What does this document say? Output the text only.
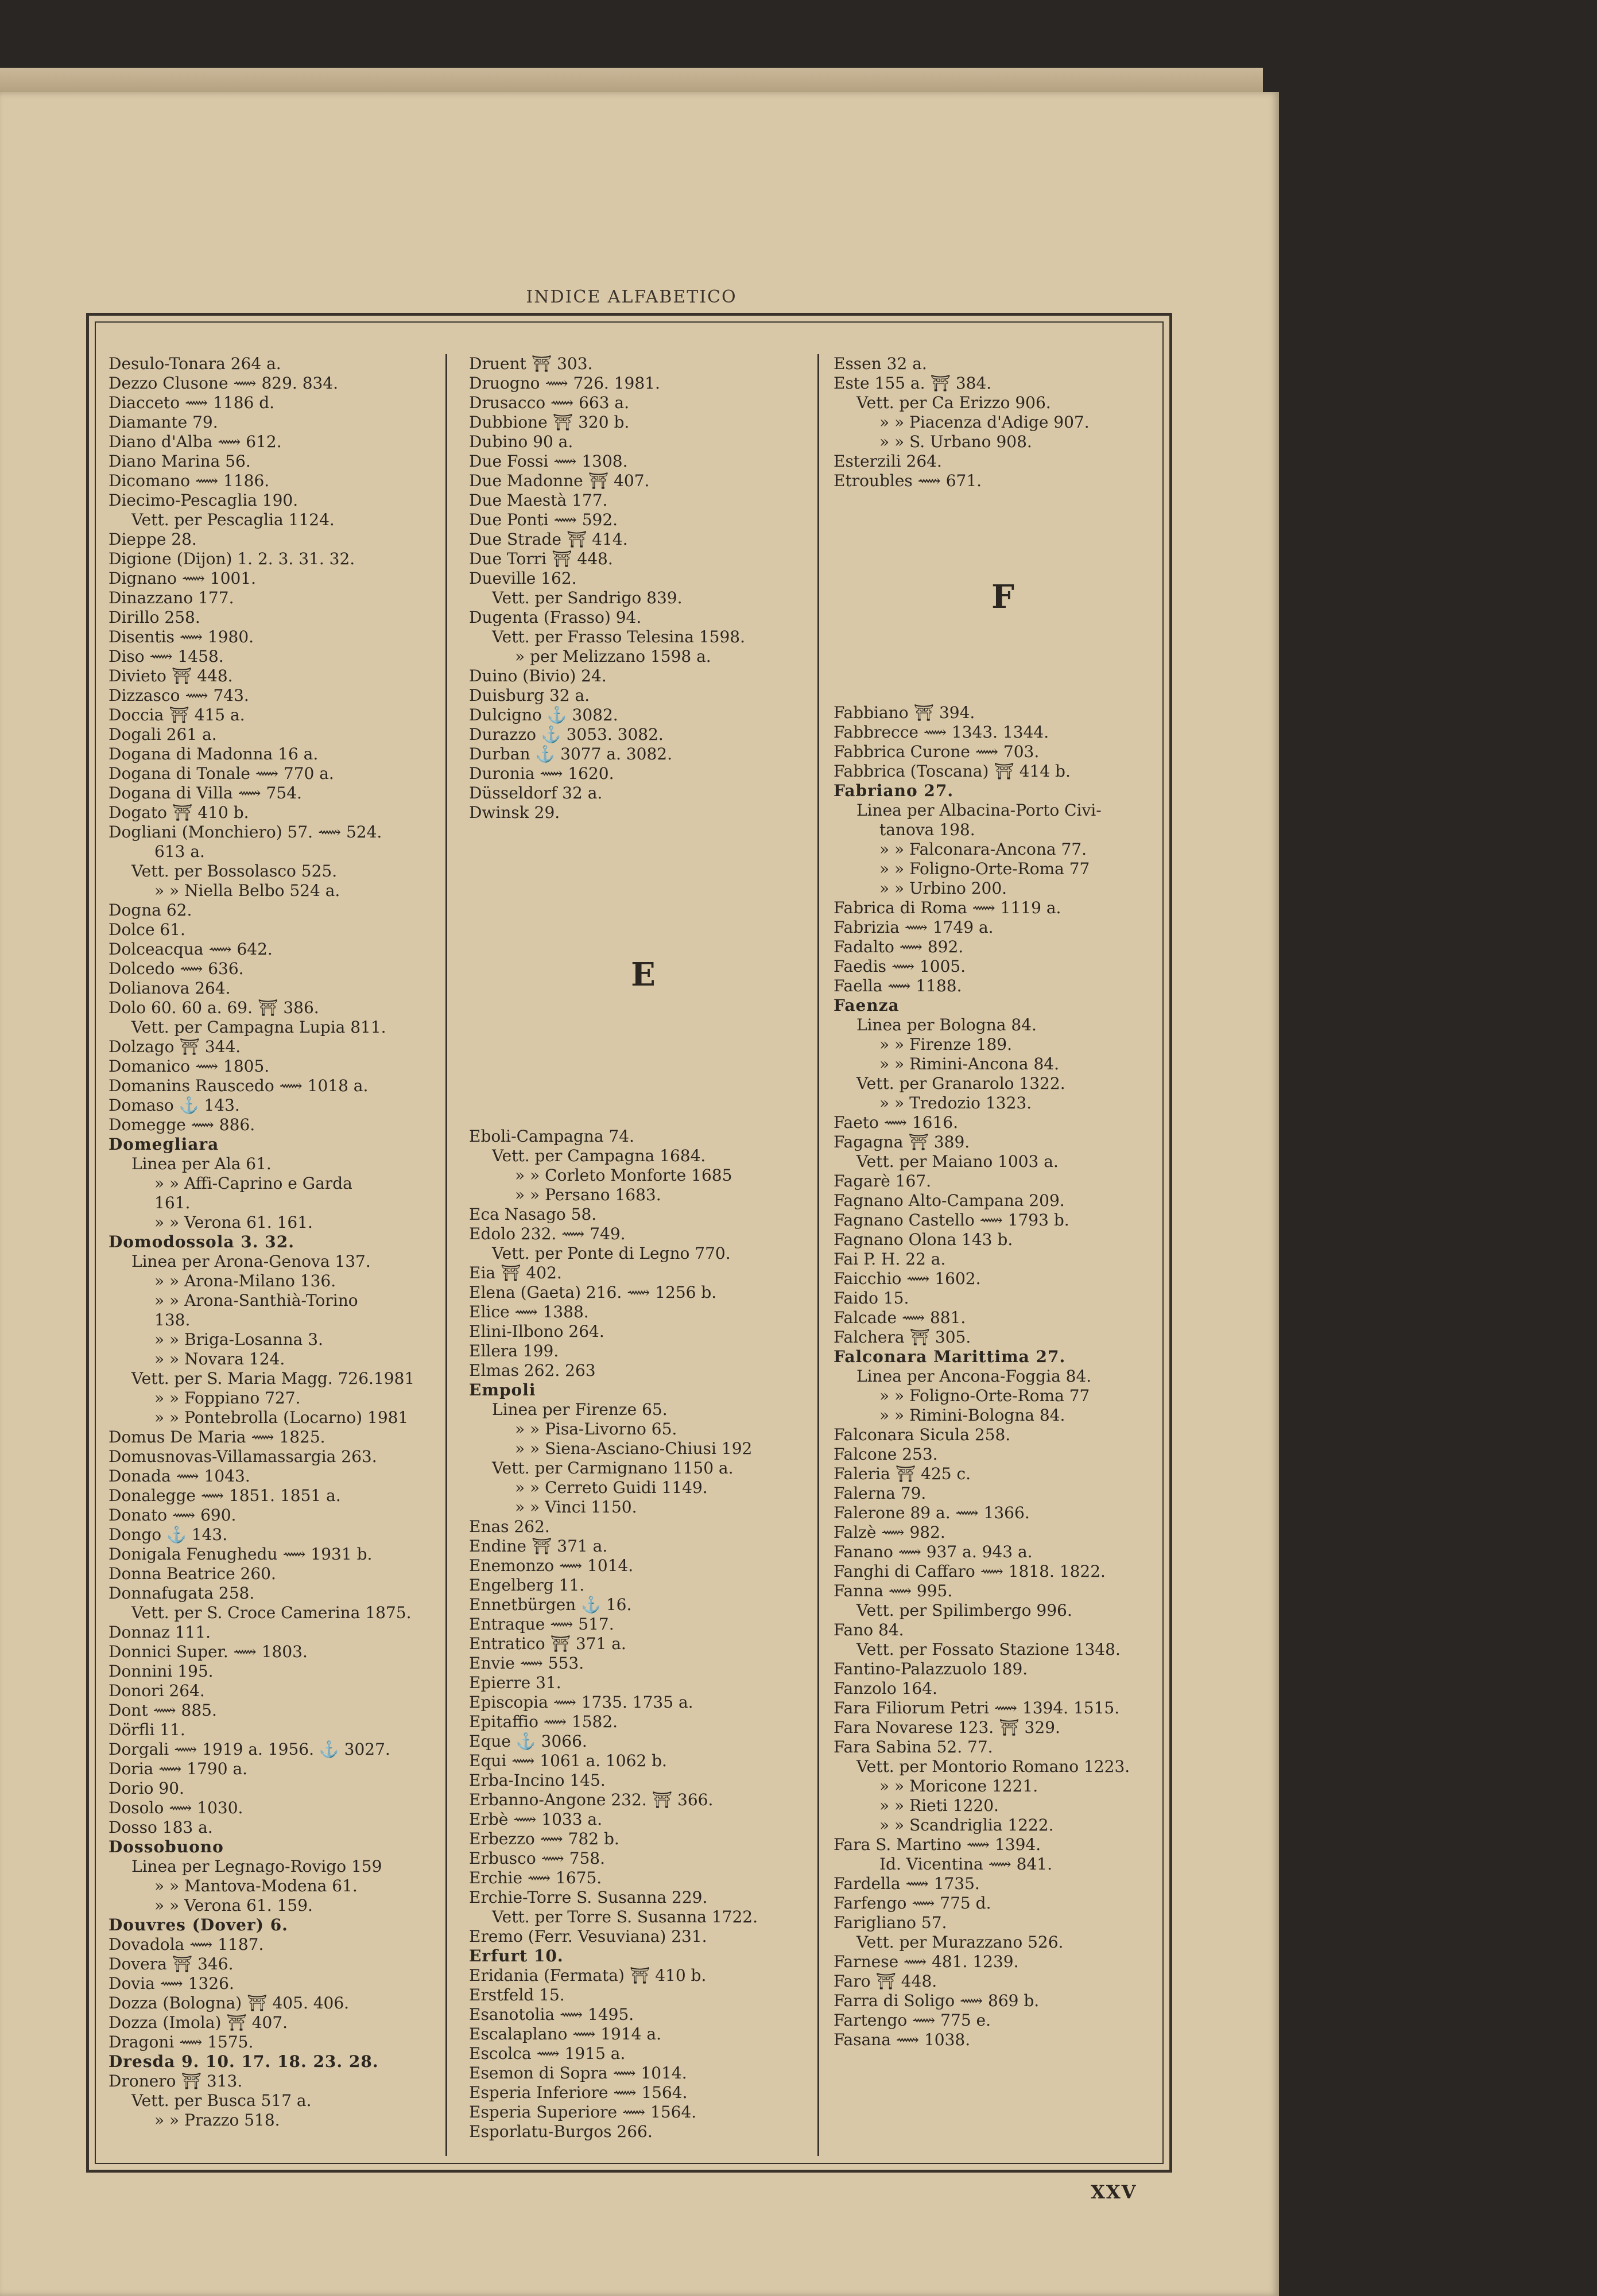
INDICE ALFABETICO
Desulo-Tonara 264 a.
Dezzo Clusone ⟿ 829. 834.
Diacceto ⟿ 1186 d.
Diamante 79.
Diano d'Alba ⟿ 612.
Diano Marina 56.
Dicomano ⟿ 1186.
Diecimo-Pescaglia 190.
Vett. per Pescaglia 1124.
Dieppe 28.
Digione (Dijon) 1. 2. 3. 31. 32.
Dignano ⟿ 1001.
Dinazzano 177.
Dirillo 258.
Disentis ⟿ 1980.
Diso ⟿ 1458.
Divieto ⛩ 448.
Dizzasco ⟿ 743.
Doccia ⛩ 415 a.
Dogali 261 a.
Dogana di Madonna 16 a.
Dogana di Tonale ⟿ 770 a.
Dogana di Villa ⟿ 754.
Dogato ⛩ 410 b.
Dogliani (Monchiero) 57. ⟿ 524.
613 a.
Vett. per Bossolasco 525.
» » Niella Belbo 524 a.
Dogna 62.
Dolce 61.
Dolceacqua ⟿ 642.
Dolcedo ⟿ 636.
Dolianova 264.
Dolo 60. 60 a. 69. ⛩ 386.
Vett. per Campagna Lupia 811.
Dolzago ⛩ 344.
Domanico ⟿ 1805.
Domanins Rauscedo ⟿ 1018 a.
Domaso ⚓ 143.
Domegge ⟿ 886.
Domegliara
Linea per Ala 61.
» » Affi-Caprino e Garda
161.
» » Verona 61. 161.
Domodossola 3. 32.
Linea per Arona-Genova 137.
» » Arona-Milano 136.
» » Arona-Santhià-Torino
138.
» » Briga-Losanna 3.
» » Novara 124.
Vett. per S. Maria Magg. 726.1981
» » Foppiano 727.
» » Pontebrolla (Locarno) 1981
Domus De Maria ⟿ 1825.
Domusnovas-Villamassargia 263.
Donada ⟿ 1043.
Donalegge ⟿ 1851. 1851 a.
Donato ⟿ 690.
Dongo ⚓ 143.
Donigala Fenughedu ⟿ 1931 b.
Donna Beatrice 260.
Donnafugata 258.
Vett. per S. Croce Camerina 1875.
Donnaz 111.
Donnici Super. ⟿ 1803.
Donnini 195.
Donori 264.
Dont ⟿ 885.
Dörfli 11.
Dorgali ⟿ 1919 a. 1956. ⚓ 3027.
Doria ⟿ 1790 a.
Dorio 90.
Dosolo ⟿ 1030.
Dosso 183 a.
Dossobuono
Linea per Legnago-Rovigo 159
» » Mantova-Modena 61.
» » Verona 61. 159.
Douvres (Dover) 6.
Dovadola ⟿ 1187.
Dovera ⛩ 346.
Dovia ⟿ 1326.
Dozza (Bologna) ⛩ 405. 406.
Dozza (Imola) ⛩ 407.
Dragoni ⟿ 1575.
Dresda 9. 10. 17. 18. 23. 28.
Dronero ⛩ 313.
Vett. per Busca 517 a.
» » Prazzo 518.
Druent ⛩ 303.
Druogno ⟿ 726. 1981.
Drusacco ⟿ 663 a.
Dubbione ⛩ 320 b.
Dubino 90 a.
Due Fossi ⟿ 1308.
Due Madonne ⛩ 407.
Due Maestà 177.
Due Ponti ⟿ 592.
Due Strade ⛩ 414.
Due Torri ⛩ 448.
Dueville 162.
Vett. per Sandrigo 839.
Dugenta (Frasso) 94.
Vett. per Frasso Telesina 1598.
» per Melizzano 1598 a.
Duino (Bivio) 24.
Duisburg 32 a.
Dulcigno ⚓ 3082.
Durazzo ⚓ 3053. 3082.
Durban ⚓ 3077 a. 3082.
Duronia ⟿ 1620.
Düsseldorf 32 a.
Dwinsk 29.
E
Eboli-Campagna 74.
Vett. per Campagna 1684.
» » Corleto Monforte 1685
» » Persano 1683.
Eca Nasago 58.
Edolo 232. ⟿ 749.
Vett. per Ponte di Legno 770.
Eia ⛩ 402.
Elena (Gaeta) 216. ⟿ 1256 b.
Elice ⟿ 1388.
Elini-Ilbono 264.
Ellera 199.
Elmas 262. 263
Empoli
Linea per Firenze 65.
» » Pisa-Livorno 65.
» » Siena-Asciano-Chiusi 192
Vett. per Carmignano 1150 a.
» » Cerreto Guidi 1149.
» » Vinci 1150.
Enas 262.
Endine ⛩ 371 a.
Enemonzo ⟿ 1014.
Engelberg 11.
Ennetbürgen ⚓ 16.
Entraque ⟿ 517.
Entratico ⛩ 371 a.
Envie ⟿ 553.
Epierre 31.
Episcopia ⟿ 1735. 1735 a.
Epitaffio ⟿ 1582.
Eque ⚓ 3066.
Equi ⟿ 1061 a. 1062 b.
Erba-Incino 145.
Erbanno-Angone 232. ⛩ 366.
Erbè ⟿ 1033 a.
Erbezzo ⟿ 782 b.
Erbusco ⟿ 758.
Erchie ⟿ 1675.
Erchie-Torre S. Susanna 229.
Vett. per Torre S. Susanna 1722.
Eremo (Ferr. Vesuviana) 231.
Erfurt 10.
Eridania (Fermata) ⛩ 410 b.
Erstfeld 15.
Esanotolia ⟿ 1495.
Escalaplano ⟿ 1914 a.
Escolca ⟿ 1915 a.
Esemon di Sopra ⟿ 1014.
Esperia Inferiore ⟿ 1564.
Esperia Superiore ⟿ 1564.
Esporlatu-Burgos 266.
Essen 32 a.
Este 155 a. ⛩ 384.
Vett. per Ca Erizzo 906.
» » Piacenza d'Adige 907.
» » S. Urbano 908.
Esterzili 264.
Etroubles ⟿ 671.
F
Fabbiano ⛩ 394.
Fabbrecce ⟿ 1343. 1344.
Fabbrica Curone ⟿ 703.
Fabbrica (Toscana) ⛩ 414 b.
Fabriano 27.
Linea per Albacina-Porto Civi-
tanova 198.
» » Falconara-Ancona 77.
» » Foligno-Orte-Roma 77
» » Urbino 200.
Fabrica di Roma ⟿ 1119 a.
Fabrizia ⟿ 1749 a.
Fadalto ⟿ 892.
Faedis ⟿ 1005.
Faella ⟿ 1188.
Faenza
Linea per Bologna 84.
» » Firenze 189.
» » Rimini-Ancona 84.
Vett. per Granarolo 1322.
» » Tredozio 1323.
Faeto ⟿ 1616.
Fagagna ⛩ 389.
Vett. per Maiano 1003 a.
Fagarè 167.
Fagnano Alto-Campana 209.
Fagnano Castello ⟿ 1793 b.
Fagnano Olona 143 b.
Fai P. H. 22 a.
Faicchio ⟿ 1602.
Faido 15.
Falcade ⟿ 881.
Falchera ⛩ 305.
Falconara Marittima 27.
Linea per Ancona-Foggia 84.
» » Foligno-Orte-Roma 77
» » Rimini-Bologna 84.
Falconara Sicula 258.
Falcone 253.
Faleria ⛩ 425 c.
Falerna 79.
Falerone 89 a. ⟿ 1366.
Falzè ⟿ 982.
Fanano ⟿ 937 a. 943 a.
Fanghi di Caffaro ⟿ 1818. 1822.
Fanna ⟿ 995.
Vett. per Spilimbergo 996.
Fano 84.
Vett. per Fossato Stazione 1348.
Fantino-Palazzuolo 189.
Fanzolo 164.
Fara Filiorum Petri ⟿ 1394. 1515.
Fara Novarese 123. ⛩ 329.
Fara Sabina 52. 77.
Vett. per Montorio Romano 1223.
» » Moricone 1221.
» » Rieti 1220.
» » Scandriglia 1222.
Fara S. Martino ⟿ 1394.
Id. Vicentina ⟿ 841.
Fardella ⟿ 1735.
Farfengo ⟿ 775 d.
Farigliano 57.
Vett. per Murazzano 526.
Farnese ⟿ 481. 1239.
Faro ⛩ 448.
Farra di Soligo ⟿ 869 b.
Fartengo ⟿ 775 e.
Fasana ⟿ 1038.
XXV
